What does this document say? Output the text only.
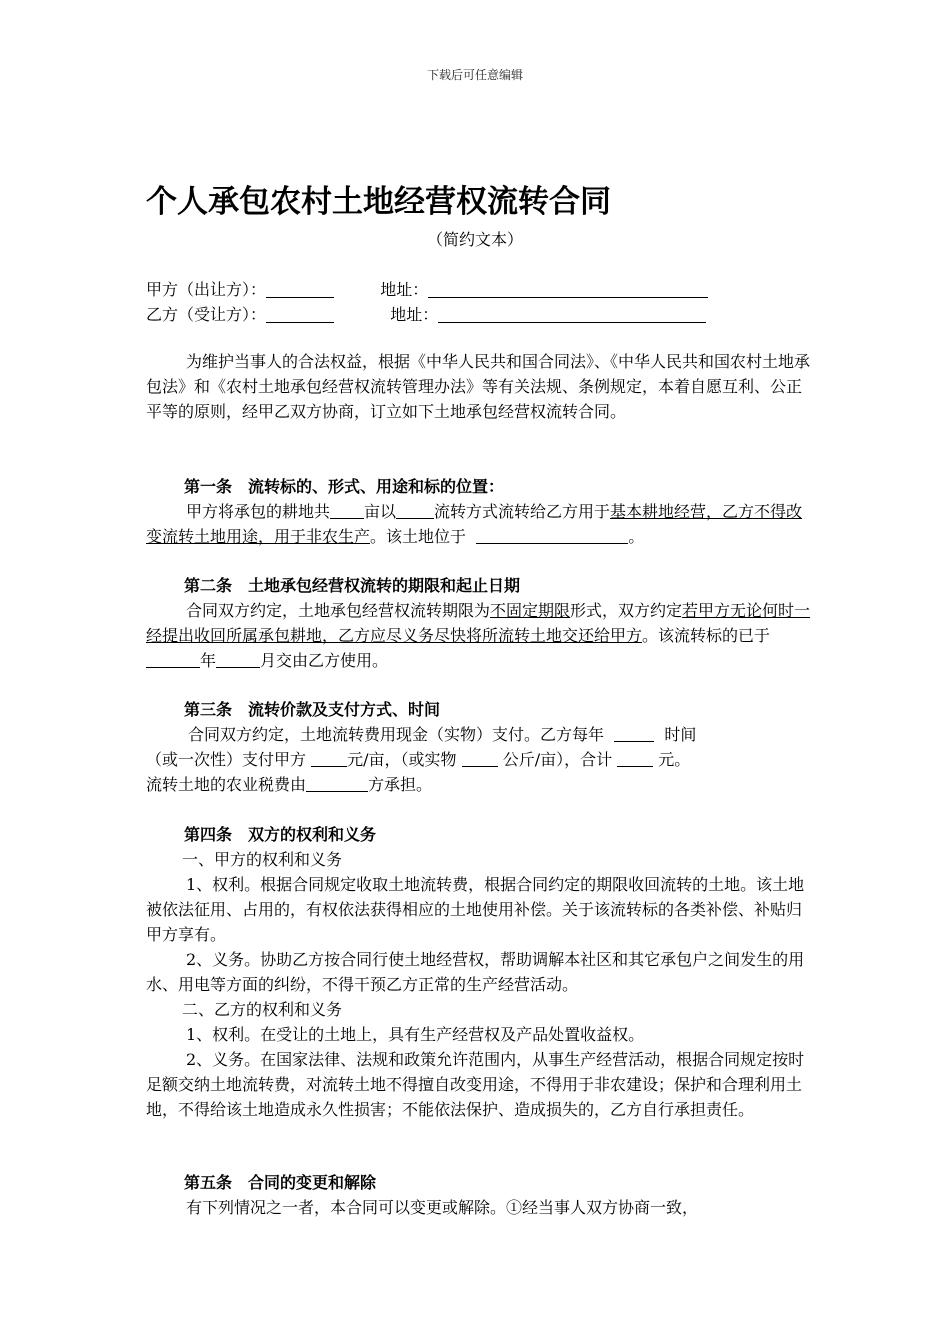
下载后可任意编辑
个人承包农村土地经营权流转合同
（简约文本）
甲方（出让方）：	地址：
乙方（受让方）：	地址：

为维护当事人的合法权益，根据《中华人民共和国合同法》、《中华人民共和国农村土地承包法》和《农村土地承包经营权流转管理办法》等有关法规、条例规定，本着自愿互利、公正平等的原则，经甲乙双方协商，订立如下土地承包经营权流转合同。

第一条　流转标的、形式、用途和标的位置：

甲方将承包的耕地共 亩以 流转方式流转给乙方用于基本耕地经营，乙方不得改变流转土地用途，用于非农生产。该土地位于	。

第二条　土地承包经营权流转的期限和起止日期

合同双方约定，土地承包经营权流转期限为不固定期限形式，双方约定若甲方无论何时一经提出收回所属承包耕地，乙方应尽义务尽快将所流转土地交还给甲方。该流转标的已于年	月交由乙方使用。

第三条　流转价款及支付方式、时间

合同双方约定，土地流转费用现金（实物）支付。乙方每年	时间

（或一次性）支付甲方	元/亩，（或实物	公斤/亩），合计	元。

流转土地的农业税费由	方承担。

第四条　双方的权利和义务

一、甲方的权利和义务

1、权利。根据合同规定收取土地流转费，根据合同约定的期限收回流转的土地。该土地被依法征用、占用的，有权依法获得相应的土地使用补偿。关于该流转标的各类补偿、补贴归甲方享有。

2、义务。协助乙方按合同行使土地经营权，帮助调解本社区和其它承包户之间发生的用水、用电等方面的纠纷，不得干预乙方正常的生产经营活动。

二、乙方的权利和义务

1、权利。在受让的土地上，具有生产经营权及产品处置收益权。

2、义务。在国家法律、法规和政策允许范围内，从事生产经营活动，根据合同规定按时足额交纳土地流转费，对流转土地不得擅自改变用途，不得用于非农建设；保护和合理利用土地，不得给该土地造成永久性损害；不能依法保护、造成损失的，乙方自行承担责任。

第五条　合同的变更和解除

有下列情况之一者，本合同可以变更或解除。①经当事人双方协商一致，
